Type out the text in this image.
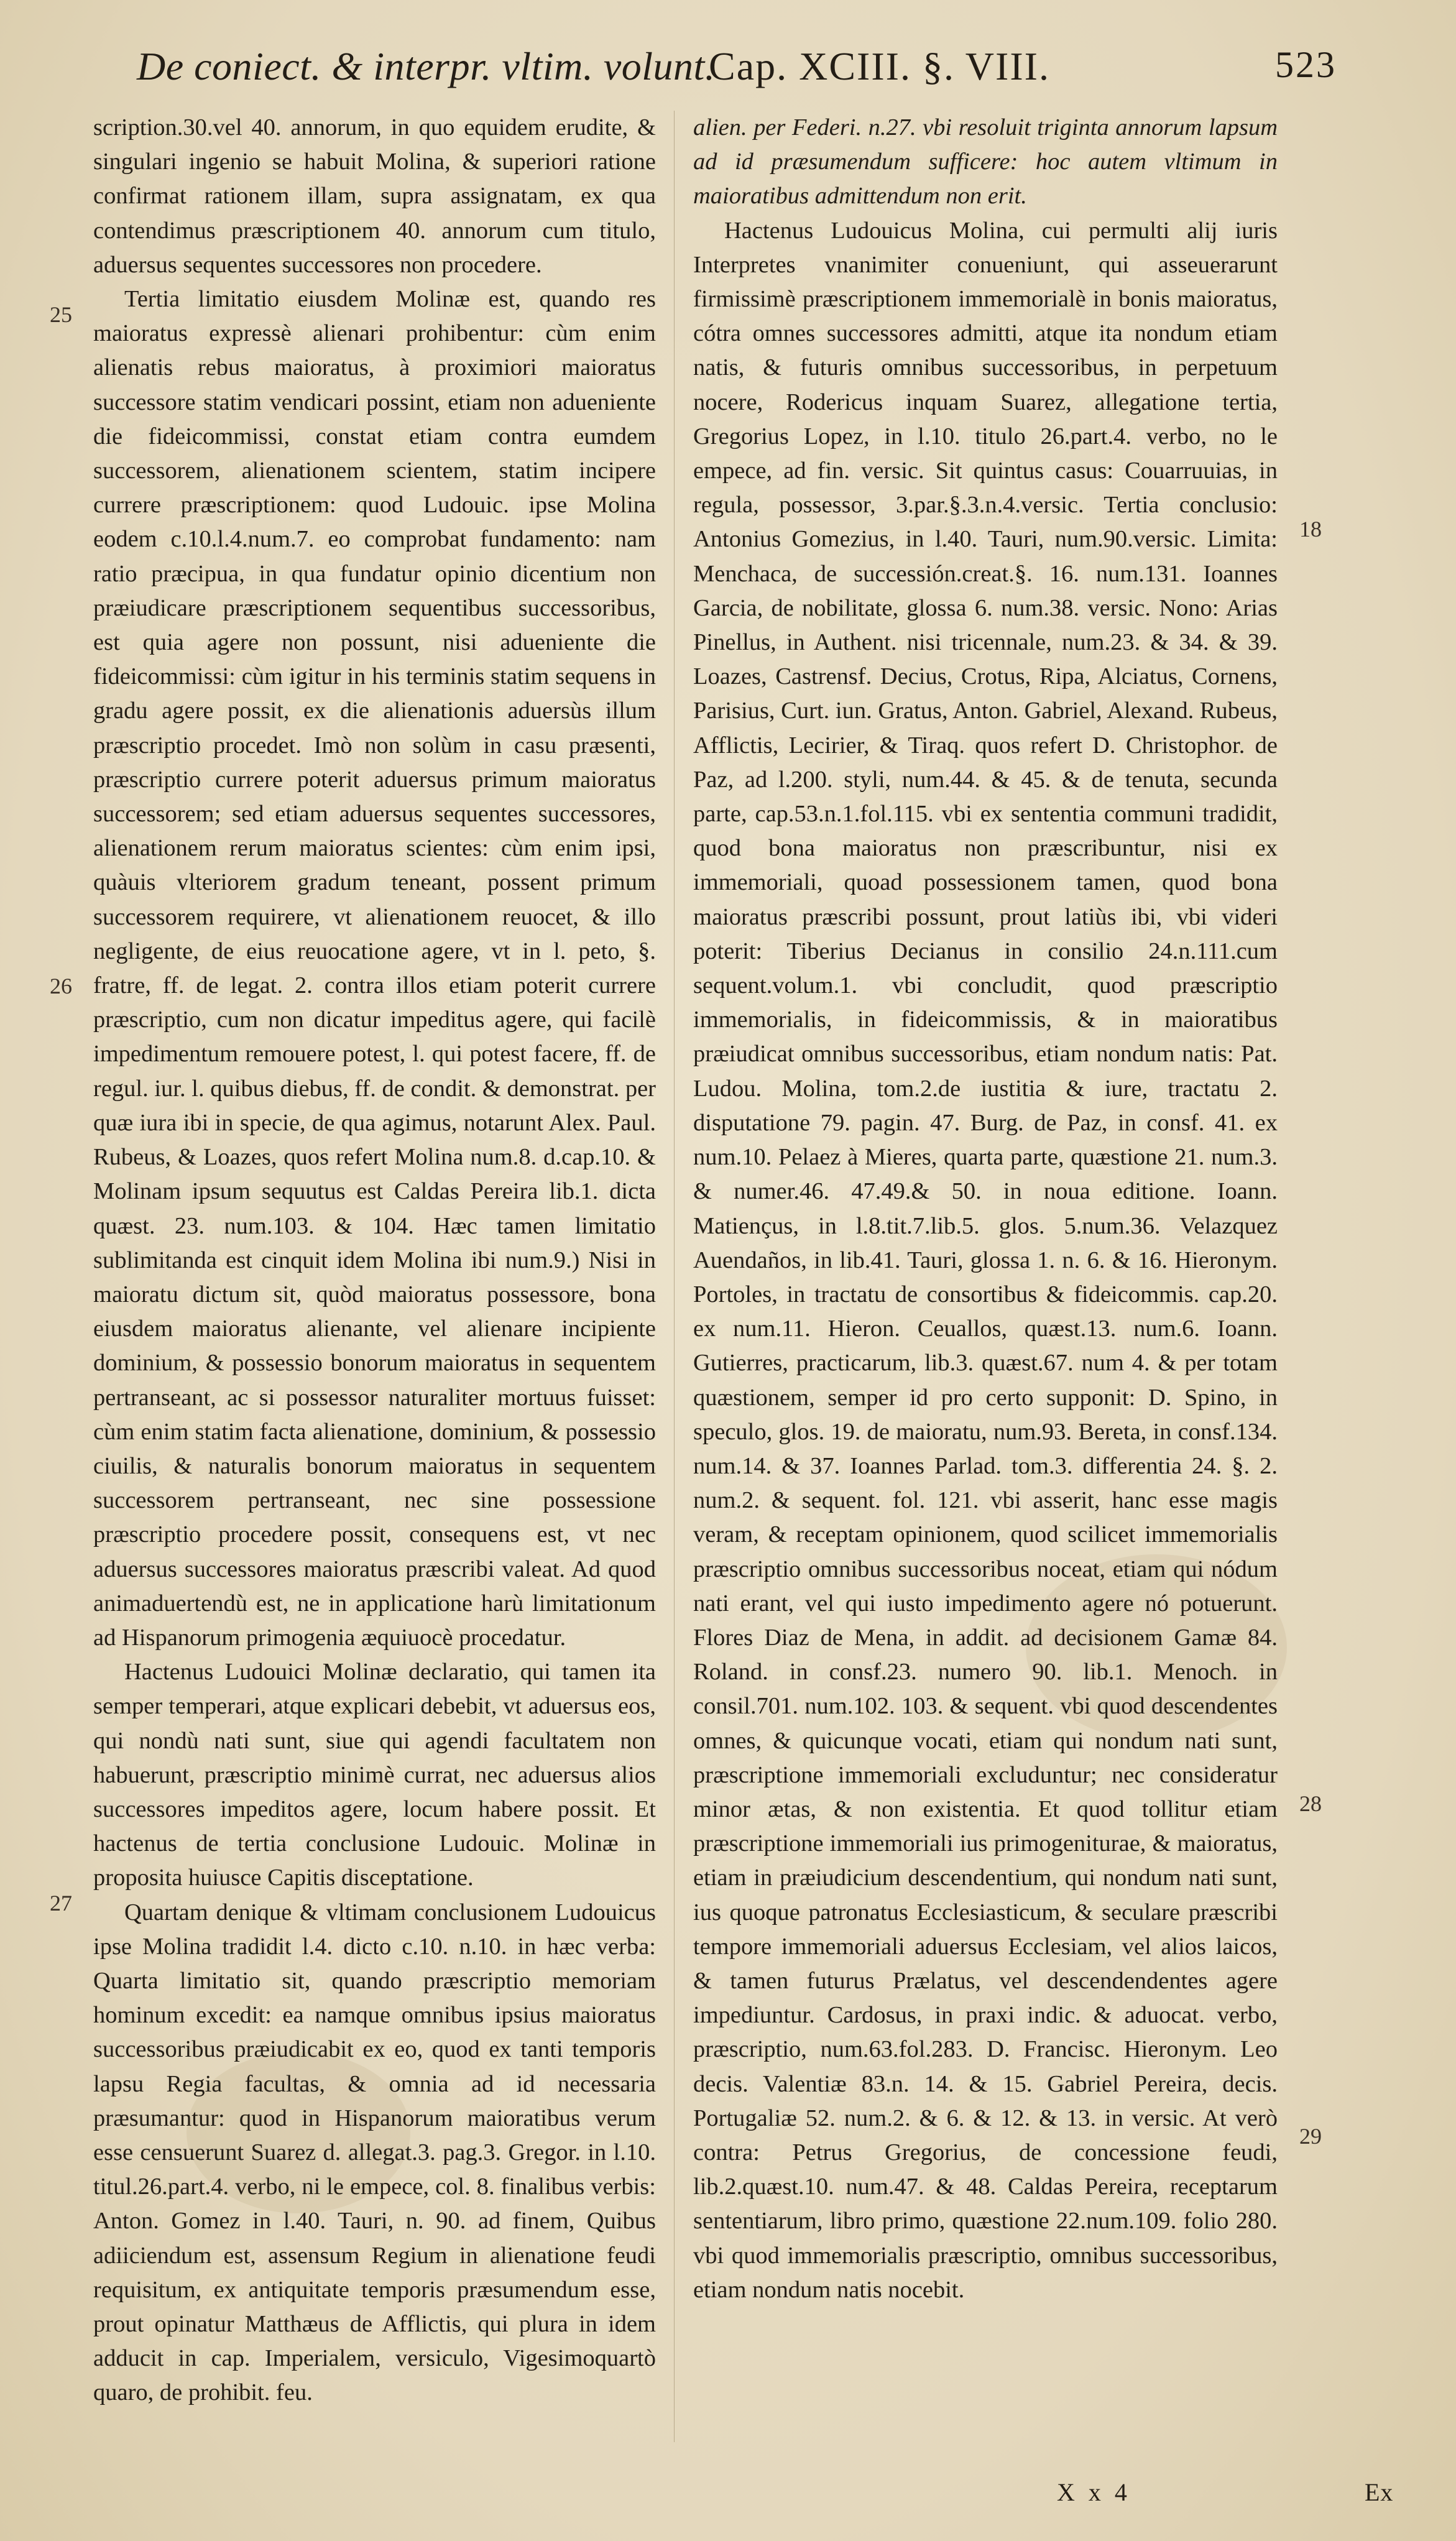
De coniect. & interpr. vltim. volunt.
Cap. XCIII. §. VIII.	523

scription.30.vel 40. annorum, in quo equidem erudite, & singulari ingenio se habuit Molina, & superiori ratione confirmat rationem illam, supra assignatam, ex qua contendimus præscriptionem 40. annorum cum titulo, aduersus sequentes successores non procedere.

Tertia limitatio eiusdem Molinæ est, quando res maioratus expressè alienari prohibentur: cùm enim alienatis rebus maioratus, à proximiori maioratus successore statim vendicari possint, etiam non adueniente die fideicommissi, constat etiam contra eumdem successorem, alienationem scientem, statim incipere currere præscriptionem: quod Ludouic. ipse Molina eodem c.10.l.4.num.7. eo comprobat fundamento: nam ratio præcipua, in qua fundatur opinio dicentium non præiudicare præscriptionem sequentibus successoribus, est quia agere non possunt, nisi adueniente die fideicommissi: cùm igitur in his terminis statim sequens in gradu agere possit, ex die alienationis aduersùs illum præscriptio procedet. Imò non solùm in casu præsenti, præscriptio currere poterit aduersus primum maioratus successorem; sed etiam aduersus sequentes successores, alienationem rerum maioratus scientes: cùm enim ipsi, quàuis vlteriorem gradum teneant, possent primum successorem requirere, vt alienationem reuocet, & illo negligente, de eius reuocatione agere, vt in l. peto, §. fratre, ff. de legat. 2. contra illos etiam poterit currere præscriptio, cum non dicatur impeditus agere, qui facilè impedimentum remouere potest, l. qui potest facere, ff. de regul. iur. l. quibus diebus, ff. de condit. & demonstrat. per quæ iura ibi in specie, de qua agimus, notarunt Alex. Paul. Rubeus, & Loazes, quos refert Molina num.8. d.cap.10. & Molinam ipsum sequutus est Caldas Pereira lib.1. dicta quæst. 23. num.103. & 104. Hæc tamen limitatio sublimitanda est cinquit idem Molina ibi num.9.) Nisi in maioratu dictum sit, quòd maioratus possessore, bona eiusdem maioratus alienante, vel alienare incipiente dominium, & possessio bonorum maioratus in sequentem pertranseant, ac si possessor naturaliter mortuus fuisset: cùm enim statim facta alienatione, dominium, & possessio ciuilis, & naturalis bonorum maioratus in sequentem successorem pertranseant, nec sine possessione præscriptio procedere possit, consequens est, vt nec aduersus successores maioratus præscribi valeat. Ad quod animaduertendù est, ne in applicatione harù limitationum ad Hispanorum primogenia æquiuocè procedatur.

Hactenus Ludouici Molinæ declaratio, qui tamen ita semper temperari, atque explicari debebit, vt aduersus eos, qui nondù nati sunt, siue qui agendi facultatem non habuerunt, præscriptio minimè currat, nec aduersus alios successores impeditos agere, locum habere possit. Et hactenus de tertia conclusione Ludouic. Molinæ in proposita huiusce Capitis disceptatione.

Quartam denique & vltimam conclusionem Ludouicus ipse Molina tradidit l.4. dicto c.10. n.10. in hæc verba: Quarta limitatio sit, quando præscriptio memoriam hominum excedit: ea namque omnibus ipsius maioratus successoribus præiudicabit ex eo, quod ex tanti temporis lapsu Regia facultas, & omnia ad id necessaria præsumantur: quod in Hispanorum maioratibus verum esse censuerunt Suarez d. allegat.3. pag.3. Gregor. in l.10. titul.26.part.4. verbo, ni le empece, col. 8. finalibus verbis: Anton. Gomez in l.40. Tauri, n. 90. ad finem, Quibus adiiciendum est, assensum Regium in alienatione feudi requisitum, ex antiquitate temporis præsumendum esse, prout opinatur Matthæus de Afflictis, qui plura in idem adducit in cap. Imperialem, versiculo, Vigesimoquartò quaro, de prohibit. feu.

alien. per Federi. n.27. vbi resoluit triginta annorum lapsum ad id præsumendum sufficere: hoc autem vltimum in maioratibus admittendum non erit.

Hactenus Ludouicus Molina, cui permulti alij iuris Interpretes vnanimiter conueniunt, qui asseuerarunt firmissimè præscriptionem immemorialè in bonis maioratus, cótra omnes successores admitti, atque ita nondum etiam natis, & futuris omnibus successoribus, in perpetuum nocere, Rodericus inquam Suarez, allegatione tertia, Gregorius Lopez, in l.10. titulo 26.part.4. verbo, no le empece, ad fin. versic. Sit quintus casus: Couarruuias, in regula, possessor, 3.par.§.3.n.4.versic. Tertia conclusio: Antonius Gomezius, in l.40. Tauri, num.90.versic. Limita: Menchaca, de successión.creat.§. 16. num.131. Ioannes Garcia, de nobilitate, glossa 6. num.38. versic. Nono: Arias Pinellus, in Authent. nisi tricennale, num.23. & 34. & 39. Loazes, Castrensf. Decius, Crotus, Ripa, Alciatus, Cornens, Parisius, Curt. iun. Gratus, Anton. Gabriel, Alexand. Rubeus, Afflictis, Lecirier, & Tiraq. quos refert D. Christophor. de Paz, ad l.200. styli, num.44. & 45. & de tenuta, secunda parte, cap.53.n.1.fol.115. vbi ex sententia communi tradidit, quod bona maioratus non præscribuntur, nisi ex immemoriali, quoad possessionem tamen, quod bona maioratus præscribi possunt, prout latiùs ibi, vbi videri poterit: Tiberius Decianus in consilio 24.n.111.cum sequent.volum.1. vbi concludit, quod præscriptio immemorialis, in fideicommissis, & in maioratibus præiudicat omnibus successoribus, etiam nondum natis: Pat. Ludou. Molina, tom.2.de iustitia & iure, tractatu 2. disputatione 79. pagin. 47. Burg. de Paz, in consf. 41. ex num.10. Pelaez à Mieres, quarta parte, quæstione 21. num.3. & numer.46. 47.49.& 50. in noua editione. Ioann. Matiençus, in l.8.tit.7.lib.5. glos. 5.num.36. Velazquez Auendaños, in lib.41. Tauri, glossa 1. n. 6. & 16. Hieronym. Portoles, in tractatu de consortibus & fideicommis. cap.20. ex num.11. Hieron. Ceuallos, quæst.13. num.6. Ioann. Gutierres, practicarum, lib.3. quæst.67. num 4. & per totam quæstionem, semper id pro certo supponit: D. Spino, in speculo, glos. 19. de maioratu, num.93. Bereta, in consf.134. num.14. & 37. Ioannes Parlad. tom.3. differentia 24. §. 2. num.2. & sequent. fol. 121. vbi asserit, hanc esse magis veram, & receptam opinionem, quod scilicet immemorialis præscriptio omnibus successoribus noceat, etiam qui nódum nati erant, vel qui iusto impedimento agere nó potuerunt. Flores Diaz de Mena, in addit. ad decisionem Gamæ 84. Roland. in consf.23. numero 90. lib.1. Menoch. in consil.701. num.102. 103. & sequent. vbi quod descendentes omnes, & quicunque vocati, etiam qui nondum nati sunt, præscriptione immemoriali excluduntur; nec consideratur minor ætas, & non existentia. Et quod tollitur etiam præscriptione immemoriali ius primogeniturae, & maioratus, etiam in præiudicium descendentium, qui nondum nati sunt, ius quoque patronatus Ecclesiasticum, & seculare præscribi tempore immemoriali aduersus Ecclesiam, vel alios laicos, & tamen futurus Prælatus, vel descendendentes agere impediuntur. Cardosus, in praxi indic. & aduocat. verbo, præscriptio, num.63.fol.283. D. Francisc. Hieronym. Leo decis. Valentiæ 83.n. 14. & 15. Gabriel Pereira, decis. Portugaliæ 52. num.2. & 6. & 12. & 13. in versic. At verò contra: Petrus Gregorius, de concessione feudi, lib.2.quæst.10. num.47. & 48. Caldas Pereira, receptarum sententiarum, libro primo, quæstione 22.num.109. folio 280. vbi quod immemorialis præscriptio, omnibus successoribus, etiam nondum natis nocebit.

25
26
27
18
28
29
X x 4	Ex
